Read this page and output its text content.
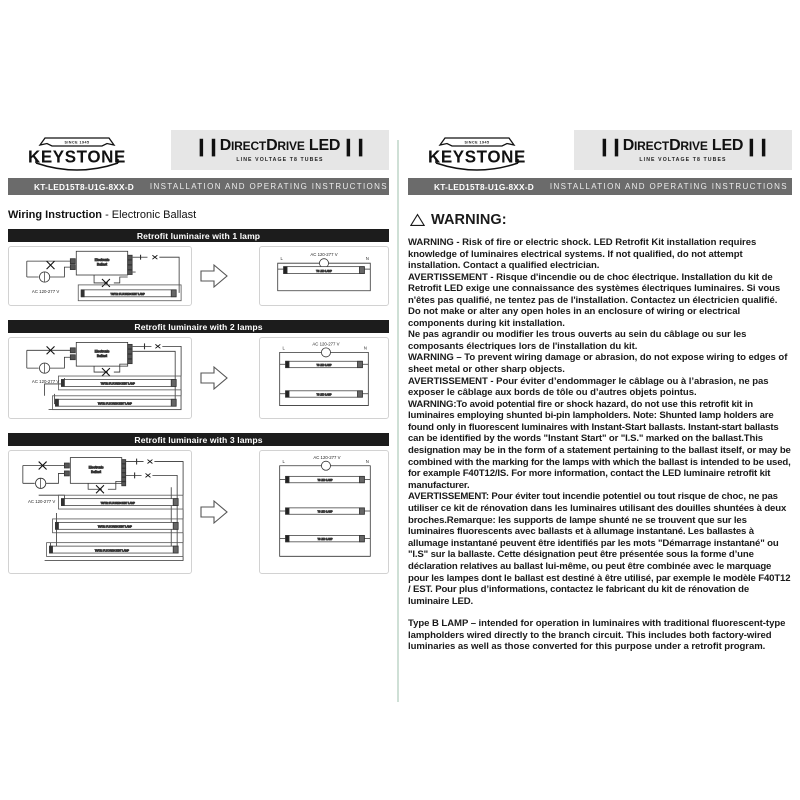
SINCE 1945
KEYSTONE
❙❙ DIRECTDRIVE LED ❙❙
LINE VOLTAGE T8 TUBES
KT-LED15T8-U1G-8XX-D INSTALLATION AND OPERATING INSTRUCTIONS
Wiring Instruction - Electronic Ballast
Retrofit luminaire with 1 lamp
Electronic
Ballast
T8/T12 FLUORESCENT LAMP
AC 120-277 V
T8 LED LAMP
AC 120-277 V
L	N
Retrofit luminaire with 2 lamps
Electronic
Ballast
T8/T12 FLUORESCENT LAMP
T8/T12 FLUORESCENT LAMP
AC 120-277 V
T8 LED LAMP
T8 LED LAMP
AC 120-277 V
L	N
Retrofit luminaire with 3 lamps
Electronic
Ballast
T8/T12 FLUORESCENT LAMP
T8/T12 FLUORESCENT LAMP
T8/T12 FLUORESCENT LAMP
AC 120-277 V
T8 LED LAMP
T8 LED LAMP
T8 LED LAMP
AC 120-277 V
L	N
SINCE 1945
KEYSTONE
❙❙ DIRECTDRIVE LED ❙❙
LINE VOLTAGE T8 TUBES
KT-LED15T8-U1G-8XX-D INSTALLATION AND OPERATING INSTRUCTIONS
WARNING:
WARNING - Risk of fire or electric shock. LED Retrofit Kit installation requires knowledge of luminaires electrical systems. If not qualified, do not attempt installation. Contact a qualified electrician.
AVERTISSEMENT - Risque d'incendie ou de choc électrique. Installation du kit de Retrofit LED exige une connaissance des systèmes électriques luminaires. Si vous n'êtes pas qualifié, ne tentez pas de l'installation. Contactez un électricien qualifié.
Do not make or alter any open holes in an enclosure of wiring or electrical components during kit installation.
Ne pas agrandir ou modifier les trous ouverts au sein du câblage ou sur les composants électriques lors de l'installation du kit.
WARNING – To prevent wiring damage or abrasion, do not expose wiring to edges of sheet metal or other sharp objects.
AVERTISSEMENT - Pour éviter d’endommager le câblage ou à l’abrasion, ne pas exposer le câblage aux bords de tôle ou d’autres objets pointus.
WARNING:To avoid potential fire or shock hazard, do not use this retrofit kit in luminaires employing shunted bi-pin lampholders. Note: Shunted lamp holders are found only in fluorescent luminaires with Instant-Start ballasts. Instant-start ballasts can be identified by the words "Instant Start" or "I.S." marked on the ballast.This designation may be in the form of a statement pertaining to the ballast itself, or may be combined with the marking for the lamps with which the ballast is intended to be used, for example F40T12/IS. For more information, contact the LED luminaire retrofit kit manufacturer.
AVERTISSEMENT: Pour éviter tout incendie potentiel ou tout risque de choc, ne pas utiliser ce kit de rénovation dans les luminaires utilisant des douilles shuntées à deux broches.Remarque: les supports de lampe shunté ne se trouvent que sur les luminaires fluorescents avec ballasts et à allumage instantané. Les ballastes à allumage instantané peuvent être identifiés par les mots "Démarrage instantané" ou "I.S" sur la ballaste. Cette désignation peut être présentée sous la forme d’une déclaration relatives au ballast lui-même, ou peut être combinée avec le marquage pour les lampes dont le ballast est destiné à être utilisé, par exemple le modèle F40T12 / EST. Pour plus d’informations, contactez le fabricant du kit de rénovation de luminaire LED.
Type B LAMP – intended for operation in luminaires with traditional fluorescent-type lampholders wired directly to the branch circuit. This includes both factory-wired luminaries as well as those converted for this purpose under a retrofit program.
